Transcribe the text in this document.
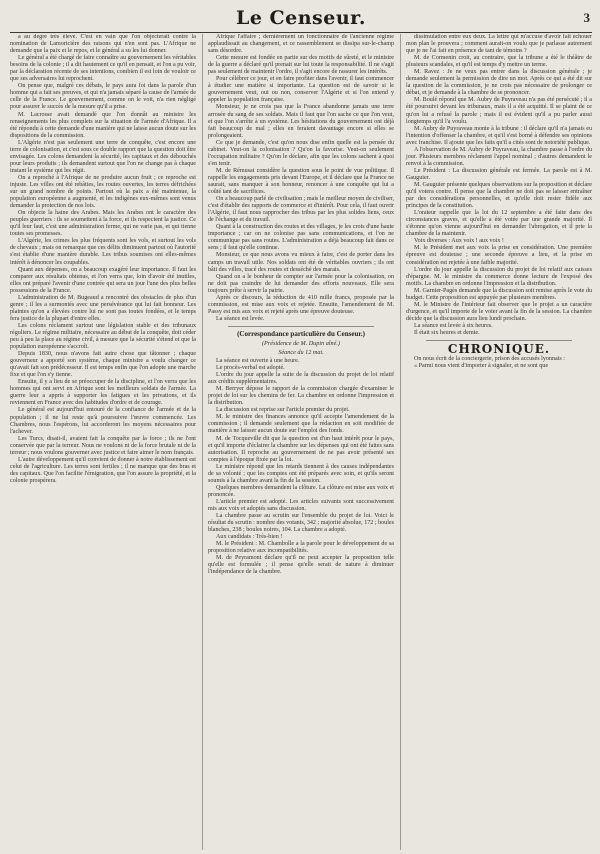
Le Censeur.	3

a au degré très élevé. C'est en vain que l'on objecterait contre la nomination de Lamoricière des raisons qui n'en sont pas. L'Afrique ne demande que la paix et le repos, et le général a su les lui donner.

Le général a été chargé de faire connaître au gouvernement les véritables besoins de la colonie ; il a dit hautement ce qu'il en pensait, et l'on a pu voir, par la déclaration récente de ses intentions, combien il est loin de vouloir ce que ses adversaires lui reprochent.

On pense que, malgré ces débats, le pays aura foi dans la parole d'un homme qui a fait ses preuves, et qui n'a jamais séparé la cause de l'armée de celle de la France. Le gouvernement, comme on le voit, n'a rien négligé pour assurer le succès de la mesure qu'il a prise.

M. Lacrosse avait demandé que l'on donnât au ministre les renseignements les plus complets sur la situation de l'armée d'Afrique. Il a été répondu à cette demande d'une manière qui ne laisse aucun doute sur les dispositions de la commission.

L'Algérie n'est pas seulement une terre de conquête, c'est encore une terre de colonisation, et c'est sous ce double rapport que la question doit être envisagée. Les colons demandent la sécurité, les capitaux et des débouchés pour leurs produits ; ils demandent surtout que l'on ne change pas à chaque instant le système qui les régit.

On a reproché à l'Afrique de ne produire aucun fruit ; ce reproche est injuste. Les villes ont été rebâties, les routes ouvertes, les terres défrichées sur un grand nombre de points. Partout où la paix a été maintenue, la population européenne a augmenté, et les indigènes eux-mêmes sont venus demander la protection de nos lois.

On objecte la haine des Arabes. Mais les Arabes ont le caractère des peuples guerriers : ils se soumettent à la force, et ils respectent la justice. Ce qu'il leur faut, c'est une administration ferme, qui ne varie pas, et qui tienne toutes ses promesses.

L'Algérie, les crimes les plus fréquents sont les vols, et surtout les vols de chevaux ; mais on remarque que ces délits diminuent partout où l'autorité s'est établie d'une manière durable. Les tribus soumises ont elles-mêmes intérêt à dénoncer les coupables.

Quant aux dépenses, on a beaucoup exagéré leur importance. Il faut les comparer aux résultats obtenus, et l'on verra que, loin d'avoir été inutiles, elles ont préparé l'avenir d'une contrée qui sera un jour l'une des plus belles possessions de la France.

L'administration de M. Bugeaud a rencontré des obstacles de plus d'un genre ; il les a surmontés avec une persévérance qui lui fait honneur. Les plaintes qu'on a élevées contre lui ne sont pas toutes fondées, et le temps fera justice de la plupart d'entre elles.

Les colons réclament surtout une législation stable et des tribunaux réguliers. Le régime militaire, nécessaire au début de la conquête, doit céder peu à peu la place au régime civil, à mesure que la sécurité s'étend et que la population européenne s'accroît.

Depuis 1830, nous n'avons fait autre chose que tâtonner ; chaque gouverneur a apporté son système, chaque ministre a voulu changer ce qu'avait fait son prédécesseur. Il est temps enfin que l'on adopte une marche fixe et que l'on s'y tienne.

Ensuite, il y a lieu de se préoccuper de la discipline, et l'on verra que les hommes qui ont servi en Afrique sont les meilleurs soldats de l'armée. La guerre leur a appris à supporter les fatigues et les privations, et ils reviennent en France avec des habitudes d'ordre et de courage.

Le général est aujourd'hui entouré de la confiance de l'armée et de la population ; il ne lui reste qu'à poursuivre l'œuvre commencée. Les Chambres, nous l'espérons, lui accorderont les moyens nécessaires pour l'achever.

Les Turcs, disait-il, avaient fait la conquête par la force ; ils ne l'ont conservée que par la terreur. Nous ne voulons ni de la force brutale ni de la terreur ; nous voulons gouverner avec justice et faire aimer le nom français.

L'autre développement qu'il convient de donner à notre établissement est celui de l'agriculture. Les terres sont fertiles ; il ne manque que des bras et des capitaux. Que l'on facilite l'émigration, que l'on assure la propriété, et la colonie prospérera.

Afrique l'affaire ; dernièrement un fonctionnaire de l'ancienne régime applaudissait au changement, et ce rassemblement se dissipa sur-le-champ sans désordre.

Cette mesure est fondée en partie sur des motifs de sûreté, et le ministre de la guerre a déclaré qu'il prenait sur lui toute la responsabilité. Il ne s'agit pas seulement de maintenir l'ordre, il s'agit encore de rassurer les intérêts.

Pour célébrer ce jour, et en faire profiter dans l'avenir, il faut commencer à étudier une matière si importante. La question est de savoir si le gouvernement veut, oui ou non, conserver l'Algérie et si l'on entend y appeler la population française.

Monsieur, je ne crois pas que la France abandonne jamais une terre arrosée du sang de ses soldats. Mais il faut que l'on sache ce que l'on veut, et que l'on s'arrête à un système. Les hésitations du gouvernement ont déjà fait beaucoup de mal ; elles en feraient davantage encore si elles se prolongeaient.

Ce que je demande, c'est qu'on nous dise enfin quelle est la pensée du cabinet. Veut-on la colonisation ? Qu'on la favorise. Veut-on seulement l'occupation militaire ? Qu'on le déclare, afin que les colons sachent à quoi s'en tenir.

M. de Rémusat considère la question sous le point de vue politique. Il rappelle les engagements pris devant l'Europe, et il déclare que la France ne saurait, sans manquer à son honneur, renoncer à une conquête qui lui a coûté tant de sacrifices.

On a beaucoup parlé de civilisation ; mais le meilleur moyen de civiliser, c'est d'établir des rapports de commerce et d'intérêt. Pour cela, il faut ouvrir l'Algérie, il faut nous rapprocher des tribus par les plus solides liens, ceux de l'échange et du travail.

Quant à la construction des routes et des villages, je les crois d'une haute importance ; car on ne colonise pas sans communications, et l'on ne communique pas sans routes. L'administration a déjà beaucoup fait dans ce sens ; il faut qu'elle continue.

Monsieur, ce que nous avons vu mieux à faire, c'est de porter dans les camps un travail utile. Nos soldats ont été de véritables ouvriers ; ils ont bâti des villes, tracé des routes et desséché des marais.

Quand on a le bonheur de compter sur l'armée pour la colonisation, on ne doit pas craindre de lui demander des efforts nouveaux. Elle sera toujours prête à servir la patrie.

Après ce discours, la réduction de 410 mille francs, proposée par la commission, est mise aux voix et rejetée. Ensuite, l'amendement de M. Passy est mis aux voix et rejeté après une épreuve douteuse.

La séance est levée.

(Correspondance particulière du Censeur.)

(Présidence de M. Dupin aîné.)

Séance du 12 mai.

La séance est ouverte à une heure.

Le procès-verbal est adopté.

L'ordre du jour appelle la suite de la discussion du projet de loi relatif aux crédits supplémentaires.

M. Berryer dépose le rapport de la commission chargée d'examiner le projet de loi sur les chemins de fer. La chambre en ordonne l'impression et la distribution.

La discussion est reprise sur l'article premier du projet.

M. le ministre des finances annonce qu'il accepte l'amendement de la commission ; il demande seulement que la rédaction en soit modifiée de manière à ne laisser aucun doute sur l'emploi des fonds.

M. de Tocqueville dit que la question est d'un haut intérêt pour le pays, et qu'il importe d'éclairer la chambre sur les dépenses qui ont été faites sans autorisation. Il reproche au gouvernement de ne pas avoir présenté ses comptes à l'époque fixée par la loi.

Le ministre répond que les retards tiennent à des causes indépendantes de sa volonté ; que les comptes ont été préparés avec soin, et qu'ils seront soumis à la chambre avant la fin de la session.

Quelques membres demandent la clôture. La clôture est mise aux voix et prononcée.

L'article premier est adopté. Les articles suivants sont successivement mis aux voix et adoptés sans discussion.

La chambre passe au scrutin sur l'ensemble du projet de loi. Voici le résultat du scrutin : nombre des votants, 342 ; majorité absolue, 172 ; boules blanches, 238 ; boules noires, 104. La chambre a adopté.

Aux candidats : Très-bien !

M. le Président : M. Chambolle a la parole pour le développement de sa proposition relative aux incompatibilités.

M. de Peyramont déclare qu'il ne peut accepter la proposition telle qu'elle est formulée ; il pense qu'elle serait de nature à diminuer l'indépendance de la chambre.

dissimulation entre eux deux. La lettre qui m'accuse d'avoir fait échouer mon plan le prouvera ; comment aurait-on voulu que je parlasse autrement que je ne l'ai fait en présence de tant de témoins ?

M. de Cormenin croit, au contraire, que la tribune a été le théâtre de plusieurs scandales, et qu'il est temps d'y mettre un terme.

M. Ravez : Je ne veux pas entrer dans la discussion générale ; je demande seulement la permission de dire un mot. Après ce qui a été dit sur la question de la commission, je ne crois pas nécessaire de prolonger ce débat, et je demande à la chambre de se prononcer.

M. Boulé répond que M. Aubry de Puyraveau n'a pas été persécuté ; il a été poursuivi devant les tribunaux, mais il a été acquitté. Il se plaint de ce qu'on lui a refusé la parole ; mais il est évident qu'il a pu parler aussi longtemps qu'il l'a voulu.

M. Aubry de Puyraveau monte à la tribune : il déclare qu'il n'a jamais eu l'intention d'offenser la chambre, et qu'il s'est borné à défendre ses opinions avec franchise. Il ajoute que les faits qu'il a cités sont de notoriété publique.

A l'observation de M. Aubry de Puyraveau, la chambre passe à l'ordre du jour. Plusieurs membres réclament l'appel nominal ; d'autres demandent le renvoi à la commission.

Le Président : La discussion générale est fermée. La parole est à M. Gauguier.

M. Gauguier présente quelques observations sur la proposition et déclare qu'il votera contre. Il pense que la chambre ne doit pas se laisser entraîner par des considérations personnelles, et qu'elle doit rester fidèle aux principes de la constitution.

L'orateur rappelle que la loi du 12 septembre a été faite dans des circonstances graves, et qu'elle a été votée par une grande majorité. Il s'étonne qu'on vienne aujourd'hui en demander l'abrogation, et il prie la chambre de la maintenir.

Voix diverses : Aux voix ! aux voix !

M. le Président met aux voix la prise en considération. Une première épreuve est douteuse ; une seconde épreuve a lieu, et la prise en considération est rejetée à une faible majorité.

L'ordre du jour appelle la discussion du projet de loi relatif aux caisses d'épargne. M. le ministre du commerce donne lecture de l'exposé des motifs. La chambre en ordonne l'impression et la distribution.

M. Garnier-Pagès demande que la discussion soit remise après le vote du budget. Cette proposition est appuyée par plusieurs membres.

M. le Ministre de l'intérieur fait observer que le projet a un caractère d'urgence, et qu'il importe de le voter avant la fin de la session. La chambre décide que la discussion aura lieu lundi prochain.

La séance est levée à six heures.

Il était six heures et demie.

CHRONIQUE.

On nous écrit de la conciergerie, prison des accusés lyonnais :

« Parmi nous vient d'importer à signaler, et ne sont que
